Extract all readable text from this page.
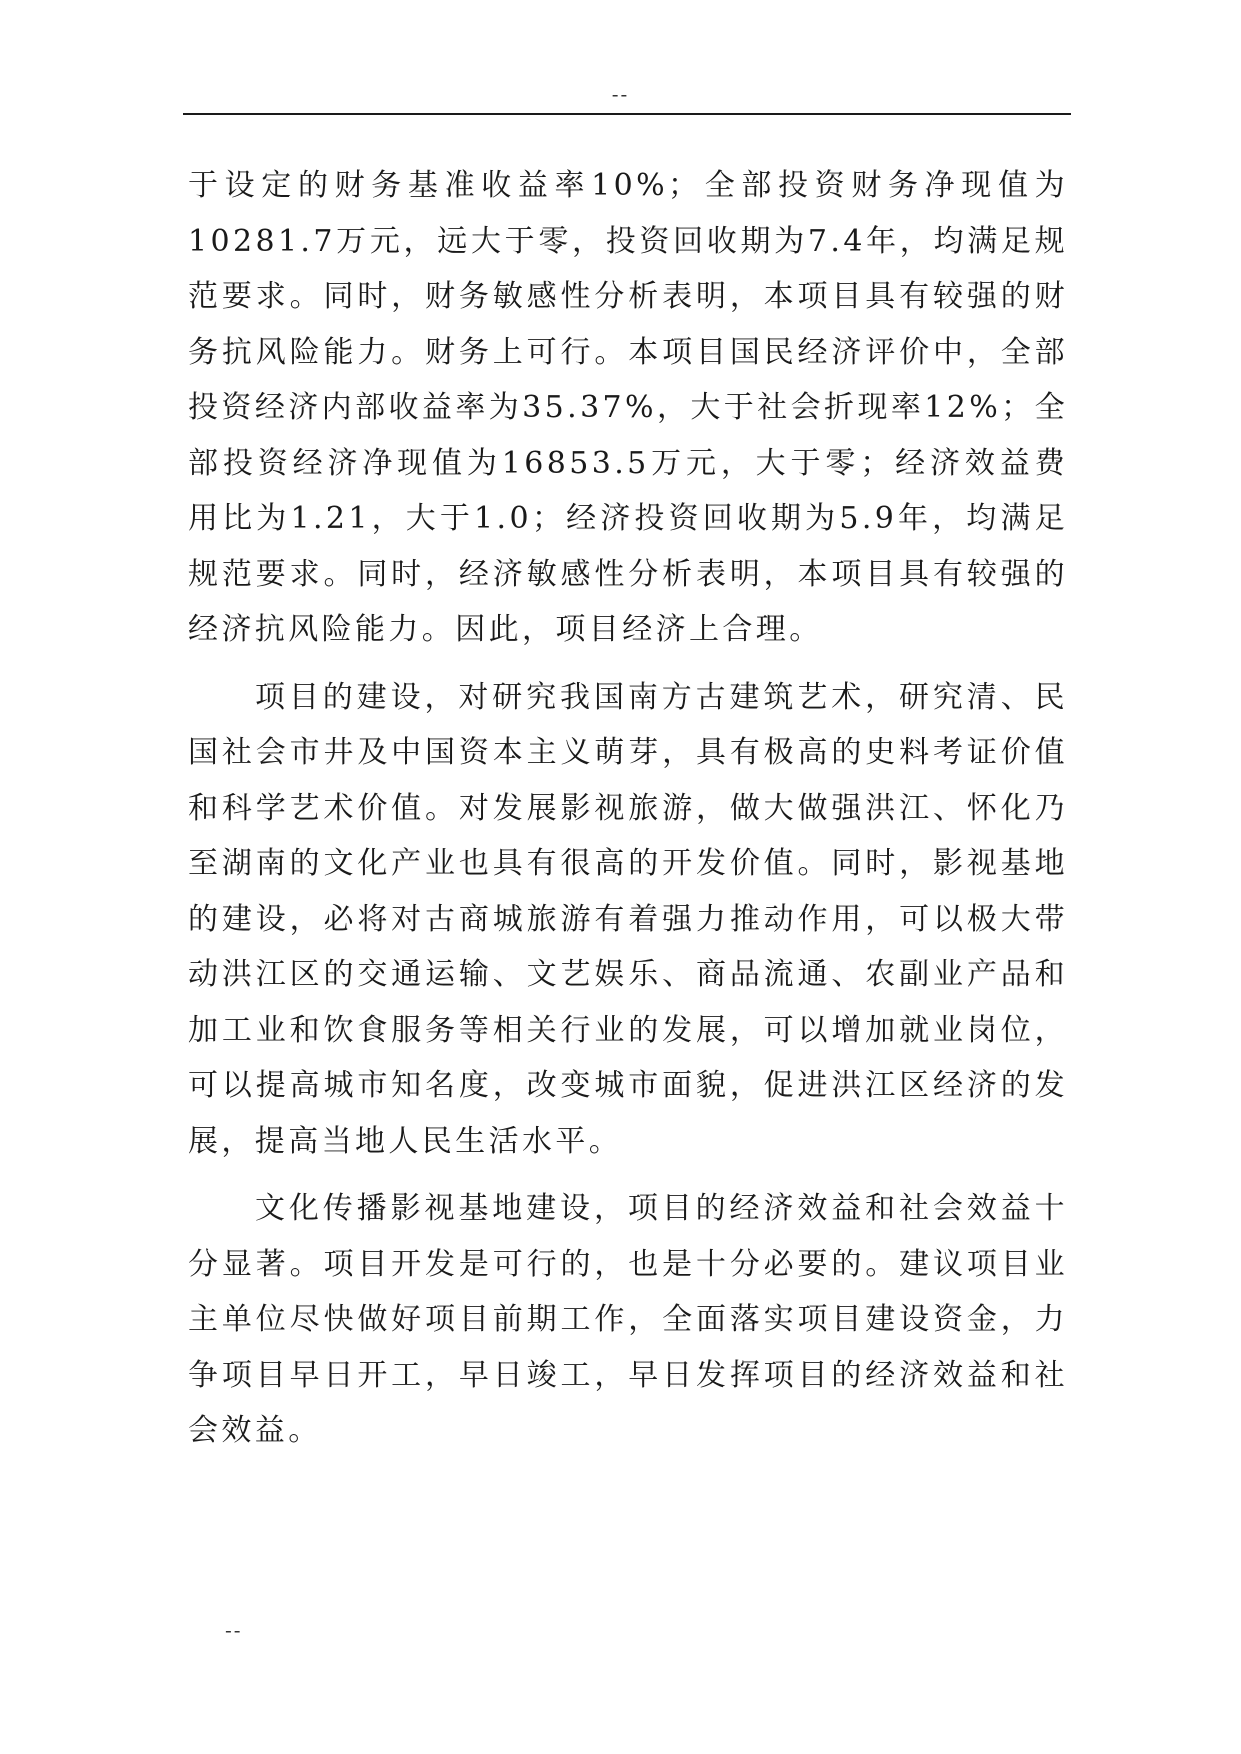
--

于设定的财务基准收益率10%；全部投资财务净现值为10281.7万元，远大于零，投资回收期为7.4年，均满足规范要求。同时，财务敏感性分析表明，本项目具有较强的财务抗风险能力。财务上可行。本项目国民经济评价中，全部投资经济内部收益率为35.37%，大于社会折现率12%；全部投资经济净现值为16853.5万元，大于零；经济效益费用比为1.21，大于1.0；经济投资回收期为5.9年，均满足规范要求。同时，经济敏感性分析表明，本项目具有较强的经济抗风险能力。因此，项目经济上合理。

项目的建设，对研究我国南方古建筑艺术，研究清、民国社会市井及中国资本主义萌芽，具有极高的史料考证价值和科学艺术价值。对发展影视旅游，做大做强洪江、怀化乃至湖南的文化产业也具有很高的开发价值。同时，影视基地的建设，必将对古商城旅游有着强力推动作用，可以极大带动洪江区的交通运输、文艺娱乐、商品流通、农副业产品和加工业和饮食服务等相关行业的发展，可以增加就业岗位，可以提高城市知名度，改变城市面貌，促进洪江区经济的发展，提高当地人民生活水平。

文化传播影视基地建设，项目的经济效益和社会效益十分显著。项目开发是可行的，也是十分必要的。建议项目业主单位尽快做好项目前期工作，全面落实项目建设资金，力争项目早日开工，早日竣工，早日发挥项目的经济效益和社会效益。

--
